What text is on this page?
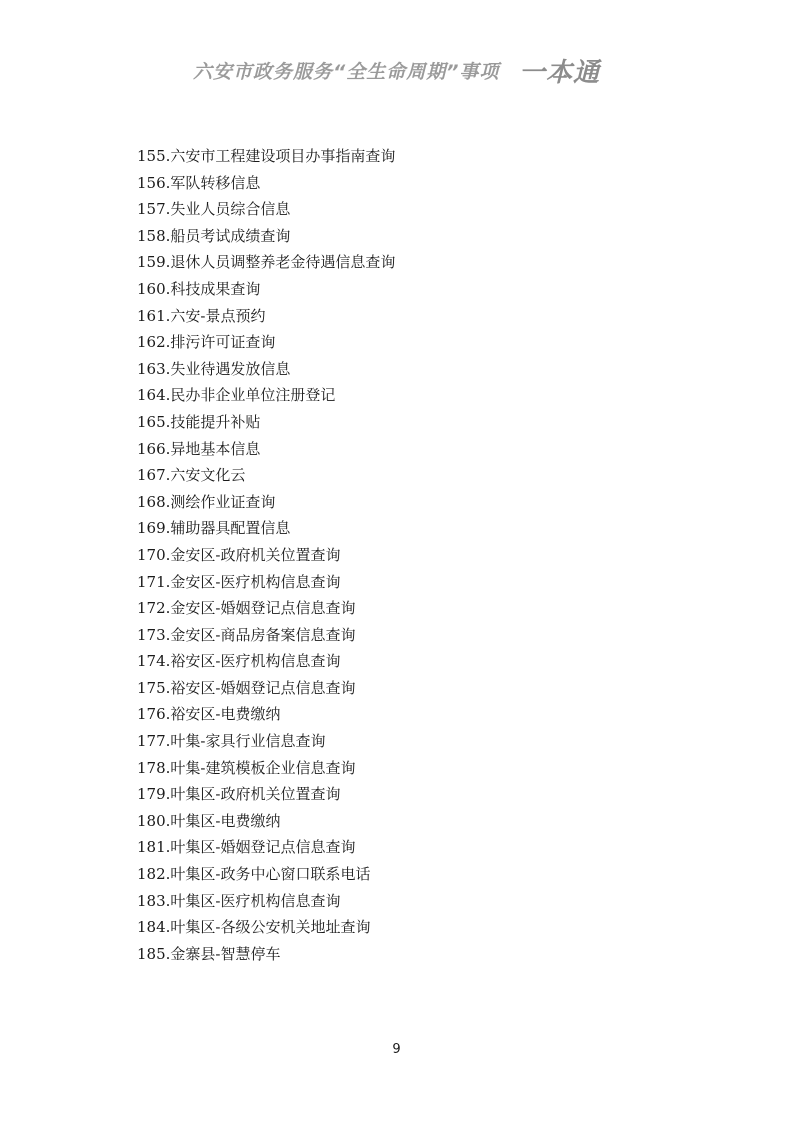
六安市政务服务“全生命周期”事项 一本通
155.六安市工程建设项目办事指南查询
156.军队转移信息
157.失业人员综合信息
158.船员考试成绩查询
159.退休人员调整养老金待遇信息查询
160.科技成果查询
161.六安-景点预约
162.排污许可证查询
163.失业待遇发放信息
164.民办非企业单位注册登记
165.技能提升补贴
166.异地基本信息
167.六安文化云
168.测绘作业证查询
169.辅助器具配置信息
170.金安区-政府机关位置查询
171.金安区-医疗机构信息查询
172.金安区-婚姻登记点信息查询
173.金安区-商品房备案信息查询
174.裕安区-医疗机构信息查询
175.裕安区-婚姻登记点信息查询
176.裕安区-电费缴纳
177.叶集-家具行业信息查询
178.叶集-建筑模板企业信息查询
179.叶集区-政府机关位置查询
180.叶集区-电费缴纳
181.叶集区-婚姻登记点信息查询
182.叶集区-政务中心窗口联系电话
183.叶集区-医疗机构信息查询
184.叶集区-各级公安机关地址查询
185.金寨县-智慧停车
9
